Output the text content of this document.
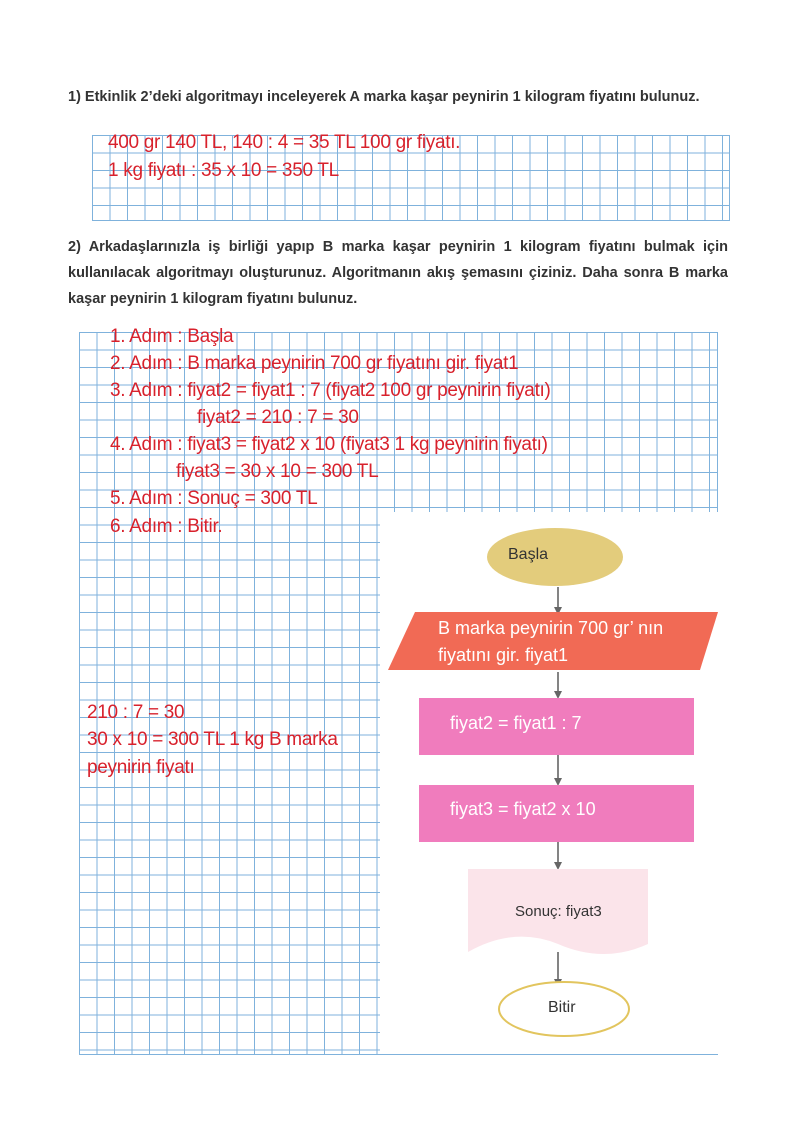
1) Etkinlik 2’deki algoritmayı inceleyerek A marka kaşar peynirin 1 kilogram fiyatını bulunuz.

400 gr 140 TL, 140 : 4 = 35 TL 100 gr fiyatı.

1 kg fiyatı : 35 x 10 = 350 TL

2) Arkadaşlarınızla iş birliği yapıp B marka kaşar peynirin 1 kilogram fiyatını bulmak için kullanılacak algoritmayı oluşturunuz. Algoritmanın akış şemasını çiziniz. Daha sonra B marka kaşar peynirin 1 kilogram fiyatını bulunuz.

1. Adım : Başla

2. Adım : B marka peynirin 700 gr fiyatını gir. fiyat1

3. Adım : fiyat2 = fiyat1 : 7 (fiyat2 100 gr peynirin fiyatı)

fiyat2 = 210 : 7 = 30

4. Adım : fiyat3 = fiyat2 x 10 (fiyat3 1 kg peynirin fiyatı)

fiyat3 = 30 x 10 = 300 TL

5. Adım : Sonuç = 300 TL

6. Adım : Bitir.

210 : 7 = 30

30 x 10 = 300 TL 1 kg B marka

peynirin fiyatı

Başla
B marka peynirin 700 gr’ nın
fiyatını gir. fiyat1
fiyat2 = fiyat1 : 7
fiyat3 = fiyat2 x 10
Sonuç: fiyat3
Bitir
